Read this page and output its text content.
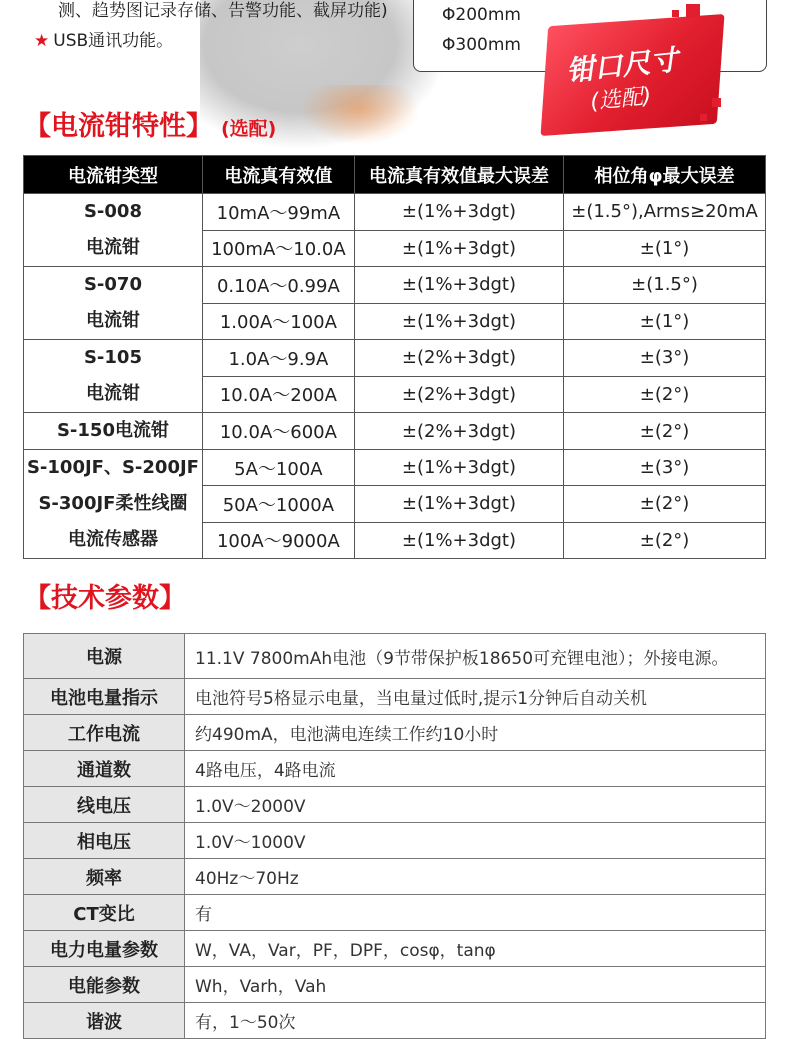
测、趋势图记录存储、告警功能、截屏功能)
★ USB通讯功能。
Φ200mm
Φ300mm 钳口尺寸
(选配)
【电流钳特性】 (选配)
电流钳类型	电流真有效值	电流真有效值最大误差	相位角φ最大误差

S-008
电流钳	10mA～99mA	±(1%+3dgt)	±(1.5°),Arms≥20mA
	100mA～10.0A	±(1%+3dgt)	±(1°)

S-070
电流钳	0.10A～0.99A	±(1%+3dgt)	±(1.5°)
	1.00A～100A	±(1%+3dgt)	±(1°)

S-105
电流钳	1.0A～9.9A	±(2%+3dgt)	±(3°)
	10.0A～200A	±(2%+3dgt)	±(2°)

S-150电流钳	10.0A～600A	±(2%+3dgt)	±(2°)

S-100JF、S-200JF
S-300JF柔性线圈
电流传感器	5A～100A	±(1%+3dgt)	±(3°)
	50A～1000A	±(1%+3dgt)	±(2°)
	100A～9000A	±(1%+3dgt)	±(2°)
【技术参数】
电源	11.1V 7800mAh电池（9节带保护板18650可充锂电池）；外接电源。
电池电量指示	电池符号5格显示电量，当电量过低时,提示1分钟后自动关机
工作电流	约490mA，电池满电连续工作约10小时
通道数	4路电压，4路电流
线电压	1.0V～2000V
相电压	1.0V～1000V
频率	40Hz～70Hz
CT变比	有
电力电量参数	W，VA，Var，PF，DPF，cosφ，tanφ
电能参数	Wh，Varh，Vah
谐波	有，1～50次
